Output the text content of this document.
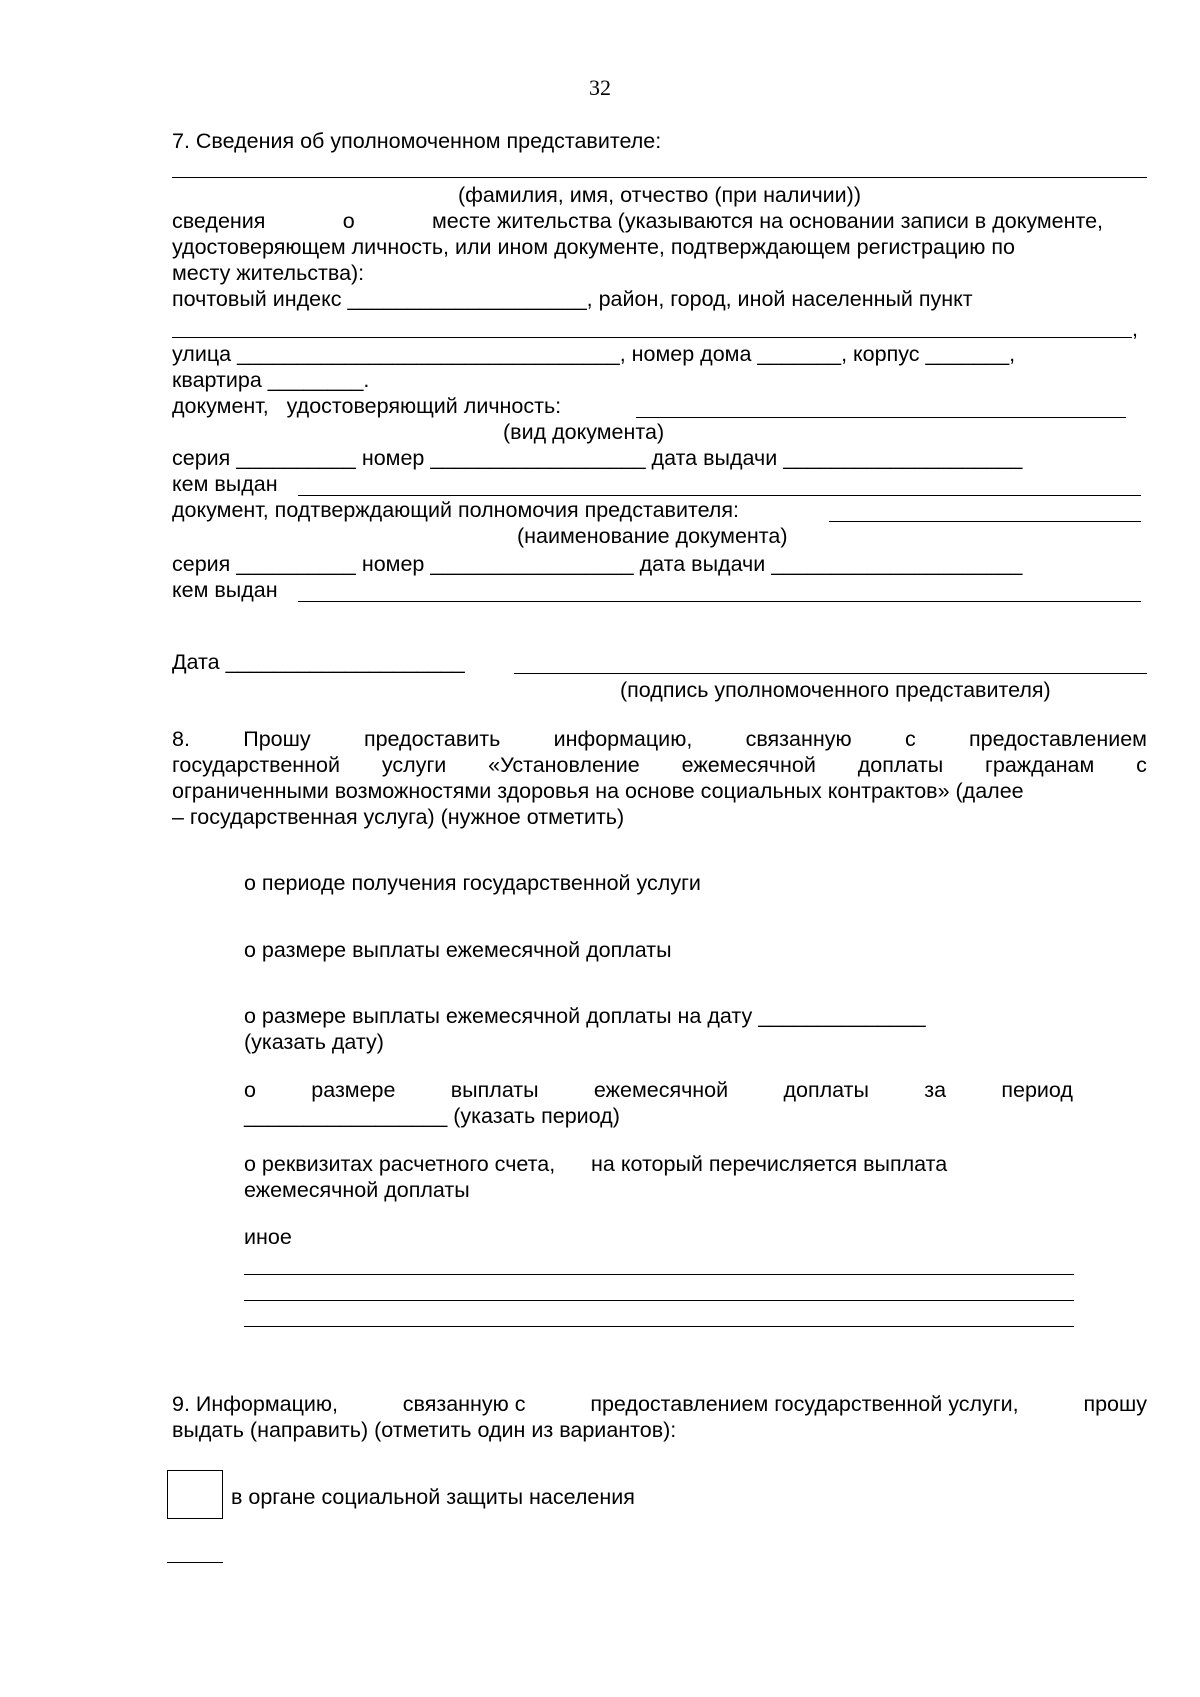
32
7. Сведения об уполномоченном представителе:
(фамилия, имя, отчество (при наличии))
сведения	о	месте жительства (указываются на основании записи в документе,
удостоверяющем личность, или ином документе, подтверждающем регистрацию по
месту жительства):
почтовый индекс ____________________, район, город, иной населенный пункт
,
улица ________________________________, номер дома _______, корпус _______,
квартира ________.
документ,   удостоверяющий личность:
(вид документа)
серия __________ номер __________________ дата выдачи ____________________
кем выдан
документ, подтверждающий полномочия представителя:
(наименование документа)
серия __________ номер _________________ дата выдачи _____________________
кем выдан
Дата ____________________
(подпись уполномоченного представителя)
8. Прошу предоставить информацию, связанную с предоставлением
государственной услуги «Установление ежемесячной доплаты гражданам с
ограниченными возможностями здоровья на основе социальных контрактов» (далее
– государственная услуга) (нужное отметить)
о периоде получения государственной услуги
о размере выплаты ежемесячной доплаты
о размере выплаты ежемесячной доплаты на дату ______________
(указать дату)
о	размере	выплаты	ежемесячной	доплаты	за	период
_________________ (указать период)
о реквизитах расчетного счета,      на который перечисляется выплата
ежемесячной доплаты
иное
9. Информацию,	связанную с	предоставлением государственной услуги,	прошу
выдать (направить) (отметить один из вариантов):
в органе социальной защиты населения
